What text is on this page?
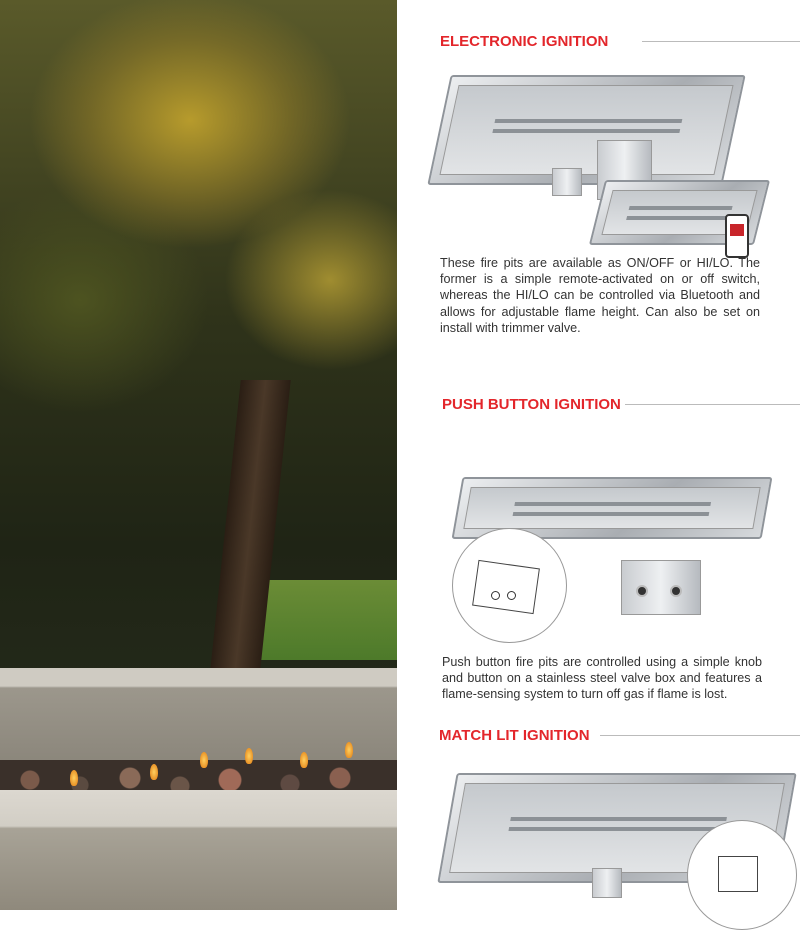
ELECTRONIC IGNITION
These fire pits are available as ON/OFF or HI/LO. The former is a simple remote-activated on or off switch, whereas the HI/LO can be controlled via Bluetooth and allows for adjustable flame height. Can also be set on install with trimmer valve.
PUSH BUTTON IGNITION
Push button fire pits are controlled using a simple knob and button on a stainless steel valve box and features a flame-sensing system to turn off gas if flame is lost.
MATCH LIT IGNITION
